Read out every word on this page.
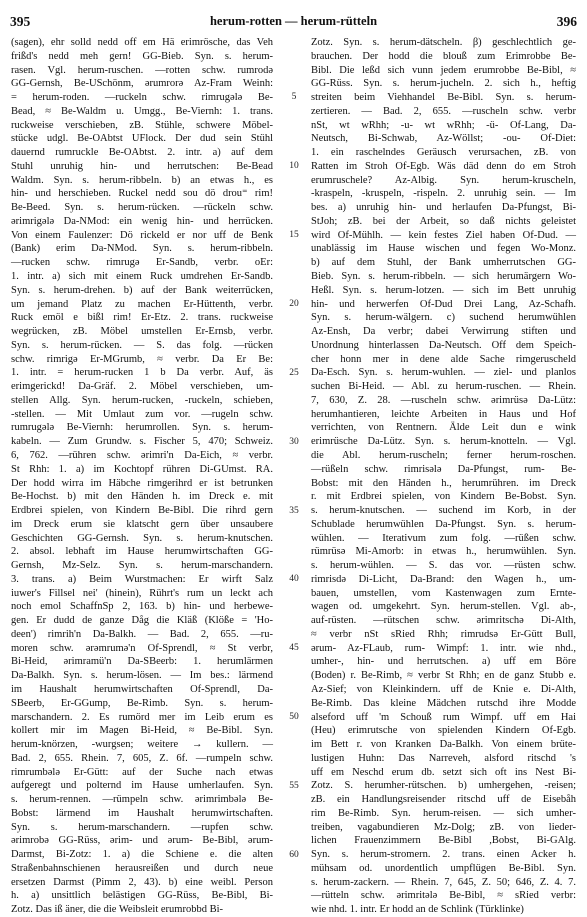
395	herum-rotten — herum-rütteln	396
(sagen), ehr solld nedd off em Hä erimrösche, das Veh
frißd's nedd meh gern! GG-Bieb. Syn. s. herum-
rasen. Vgl. herum-ruschen. —rotten schw. rumrodə
GG-Gernsh, Be-USchönm, ərumrorə Az-Fram Weinh:
= herum-roden. —ruckeln schw. rimrugələ Be-
Bead, ≈ Be-Waldm u. Umgg., Be-Viernh: 1. trans.
ruckweise verschieben, zB. Stühle, schwere Möbel-
stücke udgl. Be-OAbtst UFlock. Der dud sein Stühl
dauernd rumruckle Be-OAbtst. 2. intr. a) auf dem
Stuhl unruhig hin- und herrutschen: Be-Bead
Waldm. Syn. s. herum-ribbeln. b) an etwas h., es
hin- und herschieben. Ruckel nedd sou dö drou⁼ rim!
Be-Beed. Syn. s. herum-rücken. —rückeln schw.
ərimrigələ Da-NMod: ein wenig hin- und herrücken.
Von einem Faulenzer: Dö rickeld er nor uff de Benk
(Bank) erim Da-NMod. Syn. s. herum-ribbeln.
—rucken schw. rimrugə Er-Sandb, verbr. oEr:
1. intr. a) sich mit einem Ruck umdrehen Er-Sandb.
Syn. s. herum-drehen. b) auf der Bank weiterrücken,
um jemand Platz zu machen Er-Hüttenth, verbr.
Ruck emöl e bißl rim! Er-Etz. 2. trans. ruckweise
wegrücken, zB. Möbel umstellen Er-Ernsb, verbr.
Syn. s. herum-rücken. — S. das folg. —rücken
schw. rimrigə Er-MGrumb, ≈ verbr. Da Er Be:
1. intr. = herum-rucken 1 b Da verbr. Auf, äs
erimgerickd! Da-Gräf. 2. Möbel verschieben, um-
stellen Allg. Syn. herum-rucken, -ruckeln, schieben,
-stellen. — Mit Umlaut zum vor. —rugeln schw.
rumrugələ Be-Viernh: herumrollen. Syn. s. herum-
kabeln. — Zum Grundw. s. Fischer 5, 470; Schweiz.
6, 762. —rühren schw. ərimri'n Da-Eich, ≈ verbr.
St Rhh: 1. a) im Kochtopf rühren Di-GUmst. RA.
Der hodd wirra im Häbche rimgerihrd er ist betrunken
Be-Hochst. b) mit den Händen h. im Dreck e. mit
Erdbrei spielen, von Kindern Be-Bibl. Die rihrd gern
im Dreck erum sie klatscht gern über unsaubere
Geschichten GG-Gernsh. Syn. s. herum-knutschen.
2. absol. lebhaft im Hause herumwirtschaften GG-
Gernsh, Mz-Selz. Syn. s. herum-marschandern.
3. trans. a) Beim Wurstmachen: Er wirft Salz
iuwer's Fillsel nei' (hinein), Rührt's rum un leckt ach
noch emol SchaffnSp 2, 163. b) hin- und herbewe-
gen. Er dudd de ganze Dåg die Kläß (Klöße = 'Ho-
deen') rimrih'n Da-Balkh. — Bad. 2, 655. —ru-
moren schw. ərəmrumə'n Of-Sprendl, ≈ St verbr,
Bi-Heid, ərimramü'n Da-SBeerb: 1. herumlärmen
Da-Balkh. Syn. s. herum-lösen. — Im bes.: lärmend
im Haushalt herumwirtschaften Of-Sprendl, Da-
SBeerb, Er-GGump, Be-Rimb. Syn. s. herum-
marschandern. 2. Es rumörd mer im Leib erum es
kollert mir im Magen Bi-Heid, ≈ Be-Bibl. Syn.
herum-knörzen, -wurgsen; weitere → kullern. —
Bad. 2, 655. Rhein. 7, 605, Z. 6f. —rumpeln schw.
rimrumbələ Er-Gütt: auf der Suche nach etwas
aufgeregt und polternd im Hause umherlaufen. Syn.
s. herum-rennen. —rümpeln schw. ərimrimbələ Be-
Bobst: lärmend im Haushalt herumwirtschaften.
Syn. s. herum-marschandern. —rupfen schw.
ərimrobə GG-Rüss, ərim- und ərum- Be-Bibl, ərum-
Darmst, Bi-Zotz: 1. a) die Schiene e. die alten
Straßenbahnschienen herausreißen und durch neue
ersetzen Darmst (Pimm 2, 43). b) eine weibl. Person
h. a) unsittlich belästigen GG-Rüss, Be-Bibl, Bi-
Zotz. Das iß äner, die die Weibsleit erumrobbd Bi-
5
10
15
20
25
30
35
40
45
50
55
60
Zotz. Syn. s. herum-dätscheln. β) geschlechtlich ge-
brauchen. Der hodd die blouß zum Erimrobbe Be-
Bibl. Die leßd sich vunn jedem erumrobbe Be-Bibl, ≈
GG-Rüss. Syn. s. herum-jucheln. 2. sich h., heftig
streiten beim Viehhandel Be-Bibl. Syn. s. herum-
zertieren. — Bad. 2, 655. —ruscheln schw. verbr
nSt, wt wRhh; -u- wt wRhh; -ü- Of-Lang, Da-
Neutsch, Bi-Schwab, Az-Wöllst; -ou- Of-Diet:
1. ein raschelndes Geräusch verursachen, zB. von
Ratten im Stroh Of-Egb. Wäs däd denn do em Stroh
erumruschele? Az-Albig. Syn. herum-kruscheln,
-kraspeln, -kruspeln, -rispeln. 2. unruhig sein. — Im
bes. a) unruhig hin- und herlaufen Da-Pfungst, Bi-
StJoh; zB. bei der Arbeit, so daß nichts geleistet
wird Of-Mühlh. — kein festes Ziel haben Of-Dud. —
unablässig im Hause wischen und fegen Wo-Monz.
b) auf dem Stuhl, der Bank umherrutschen GG-
Bieb. Syn. s. herum-ribbeln. — sich herumärgern Wo-
Heßl. Syn. s. herum-lotzen. — sich im Bett unruhig
hin- und herwerfen Of-Dud Drei Lang, Az-Schafh.
Syn. s. herum-wälgern. c) suchend herumwühlen
Az-Ensh, Da verbr; dabei Verwirrung stiften und
Unordnung hinterlassen Da-Neutsch. Off dem Speich-
cher honn mer in dene alde Sache rimgeruscheld
Da-Esch. Syn. s. herum-wuhlen. — ziel- und planlos
suchen Bi-Heid. — Abl. zu herum-ruschen. — Rhein.
7, 630, Z. 28. —ruscheln schw. ərimrüsə Da-Lütz:
herumhantieren, leichte Arbeiten in Haus und Hof
verrichten, von Rentnern. Älde Leit dun e wink
erimrüsche Da-Lütz. Syn. s. herum-knotteln. — Vgl.
die Abl. herum-ruscheln; ferner herum-roschen.
—rüßeln schw. rimrisələ Da-Pfungst, rum- Be-
Bobst: mit den Händen h., herumrühren. im Dreck
r. mit Erdbrei spielen, von Kindern Be-Bobst. Syn.
s. herum-knutschen. — suchend im Korb, in der
Schublade herumwühlen Da-Pfungst. Syn. s. herum-
wühlen. — Iterativum zum folg. —rüßen schw.
rümrüsə Mi-Amorb: in etwas h., herumwühlen. Syn.
s. herum-wühlen. — S. das vor. —rüsten schw.
rimrisdə Di-Licht, Da-Brand: den Wagen h., um-
bauen, umstellen, vom Kastenwagen zum Ernte-
wagen od. umgekehrt. Syn. herum-stellen. Vgl. ab-,
auf-rüsten. —rütschen schw. ərimritschə Di-Alth,
≈ verbr nSt sRied Rhh; rimrudsə Er-Gütt Bull,
ərum- Az-FLaub, rum- Wimpf: 1. intr. wie nhd.,
umher-, hin- und herrutschen. a) uff em Böre
(Boden) r. Be-Rimb, ≈ verbr St Rhh; en de ganz Stubb e.
Az-Sief; von Kleinkindern. uff de Knie e. Di-Alth,
Be-Rimb. Das kleine Mädchen rutschd ihre Modde
alseford uff 'm Schouß rum Wimpf. uff em Hai
(Heu) erimrutsche von spielenden Kindern Of-Egb.
im Bett r. von Kranken Da-Balkh. Von einem brüte-
lustigen Huhn: Das Narreveh, alsford ritschd 's
uff em Neschd erum db. setzt sich oft ins Nest Bi-
Zotz. S. herumher-rütschen. b) umhergehen, -reisen;
zB. ein Handlungsreisender ritschd uff de Eisebåh
rim Be-Rimb. Syn. herum-reisen. — sich umher-
treiben, vagabundieren Mz-Dolg; zB. von lieder-
lichen Frauenzimmern Be-Bibl ,Bobst, Bi-GAlg.
Syn. s. herum-stromern. 2. trans. einen Acker h.
mühsam od. unordentlich umpflügen Be-Bibl. Syn.
s. herum-zackern. — Rhein. 7, 645, Z. 50; 646, Z. 4. 7.
—rütteln schw. ərimritələ Be-Bibl, ≈ sRied verbr:
wie nhd. 1. intr. Er hodd an de Schlink (Türklinke)
